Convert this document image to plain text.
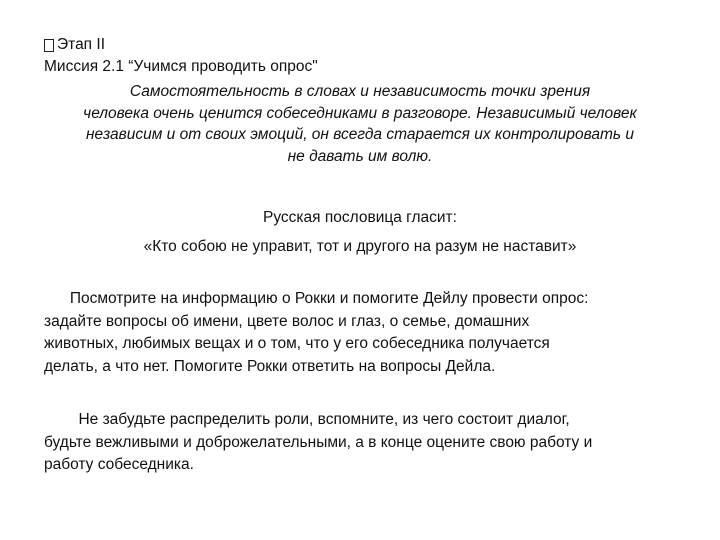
Этап II
Миссия 2.1 “Учимся проводить опрос"
Самостоятельность в словах и независимость точки зрения
человека очень ценится собеседниками в разговоре. Независимый человек
независим и от своих эмоций, он всегда старается их контролировать и
не давать им волю.
Русская пословица гласит:
«Кто собою не управит, тот и другого на разум не наставит»
Посмотрите на информацию о Рокки и помогите Дейлу провести опрос:
задайте вопросы об имени, цвете волос и глаз, о семье, домашних
животных, любимых вещах и о том, что у его собеседника получается
делать, а что нет. Помогите Рокки ответить на вопросы Дейла.
Не забудьте распределить роли, вспомните, из чего состоит диалог,
будьте вежливыми и доброжелательными, а в конце оцените свою работу и
работу собеседника.
